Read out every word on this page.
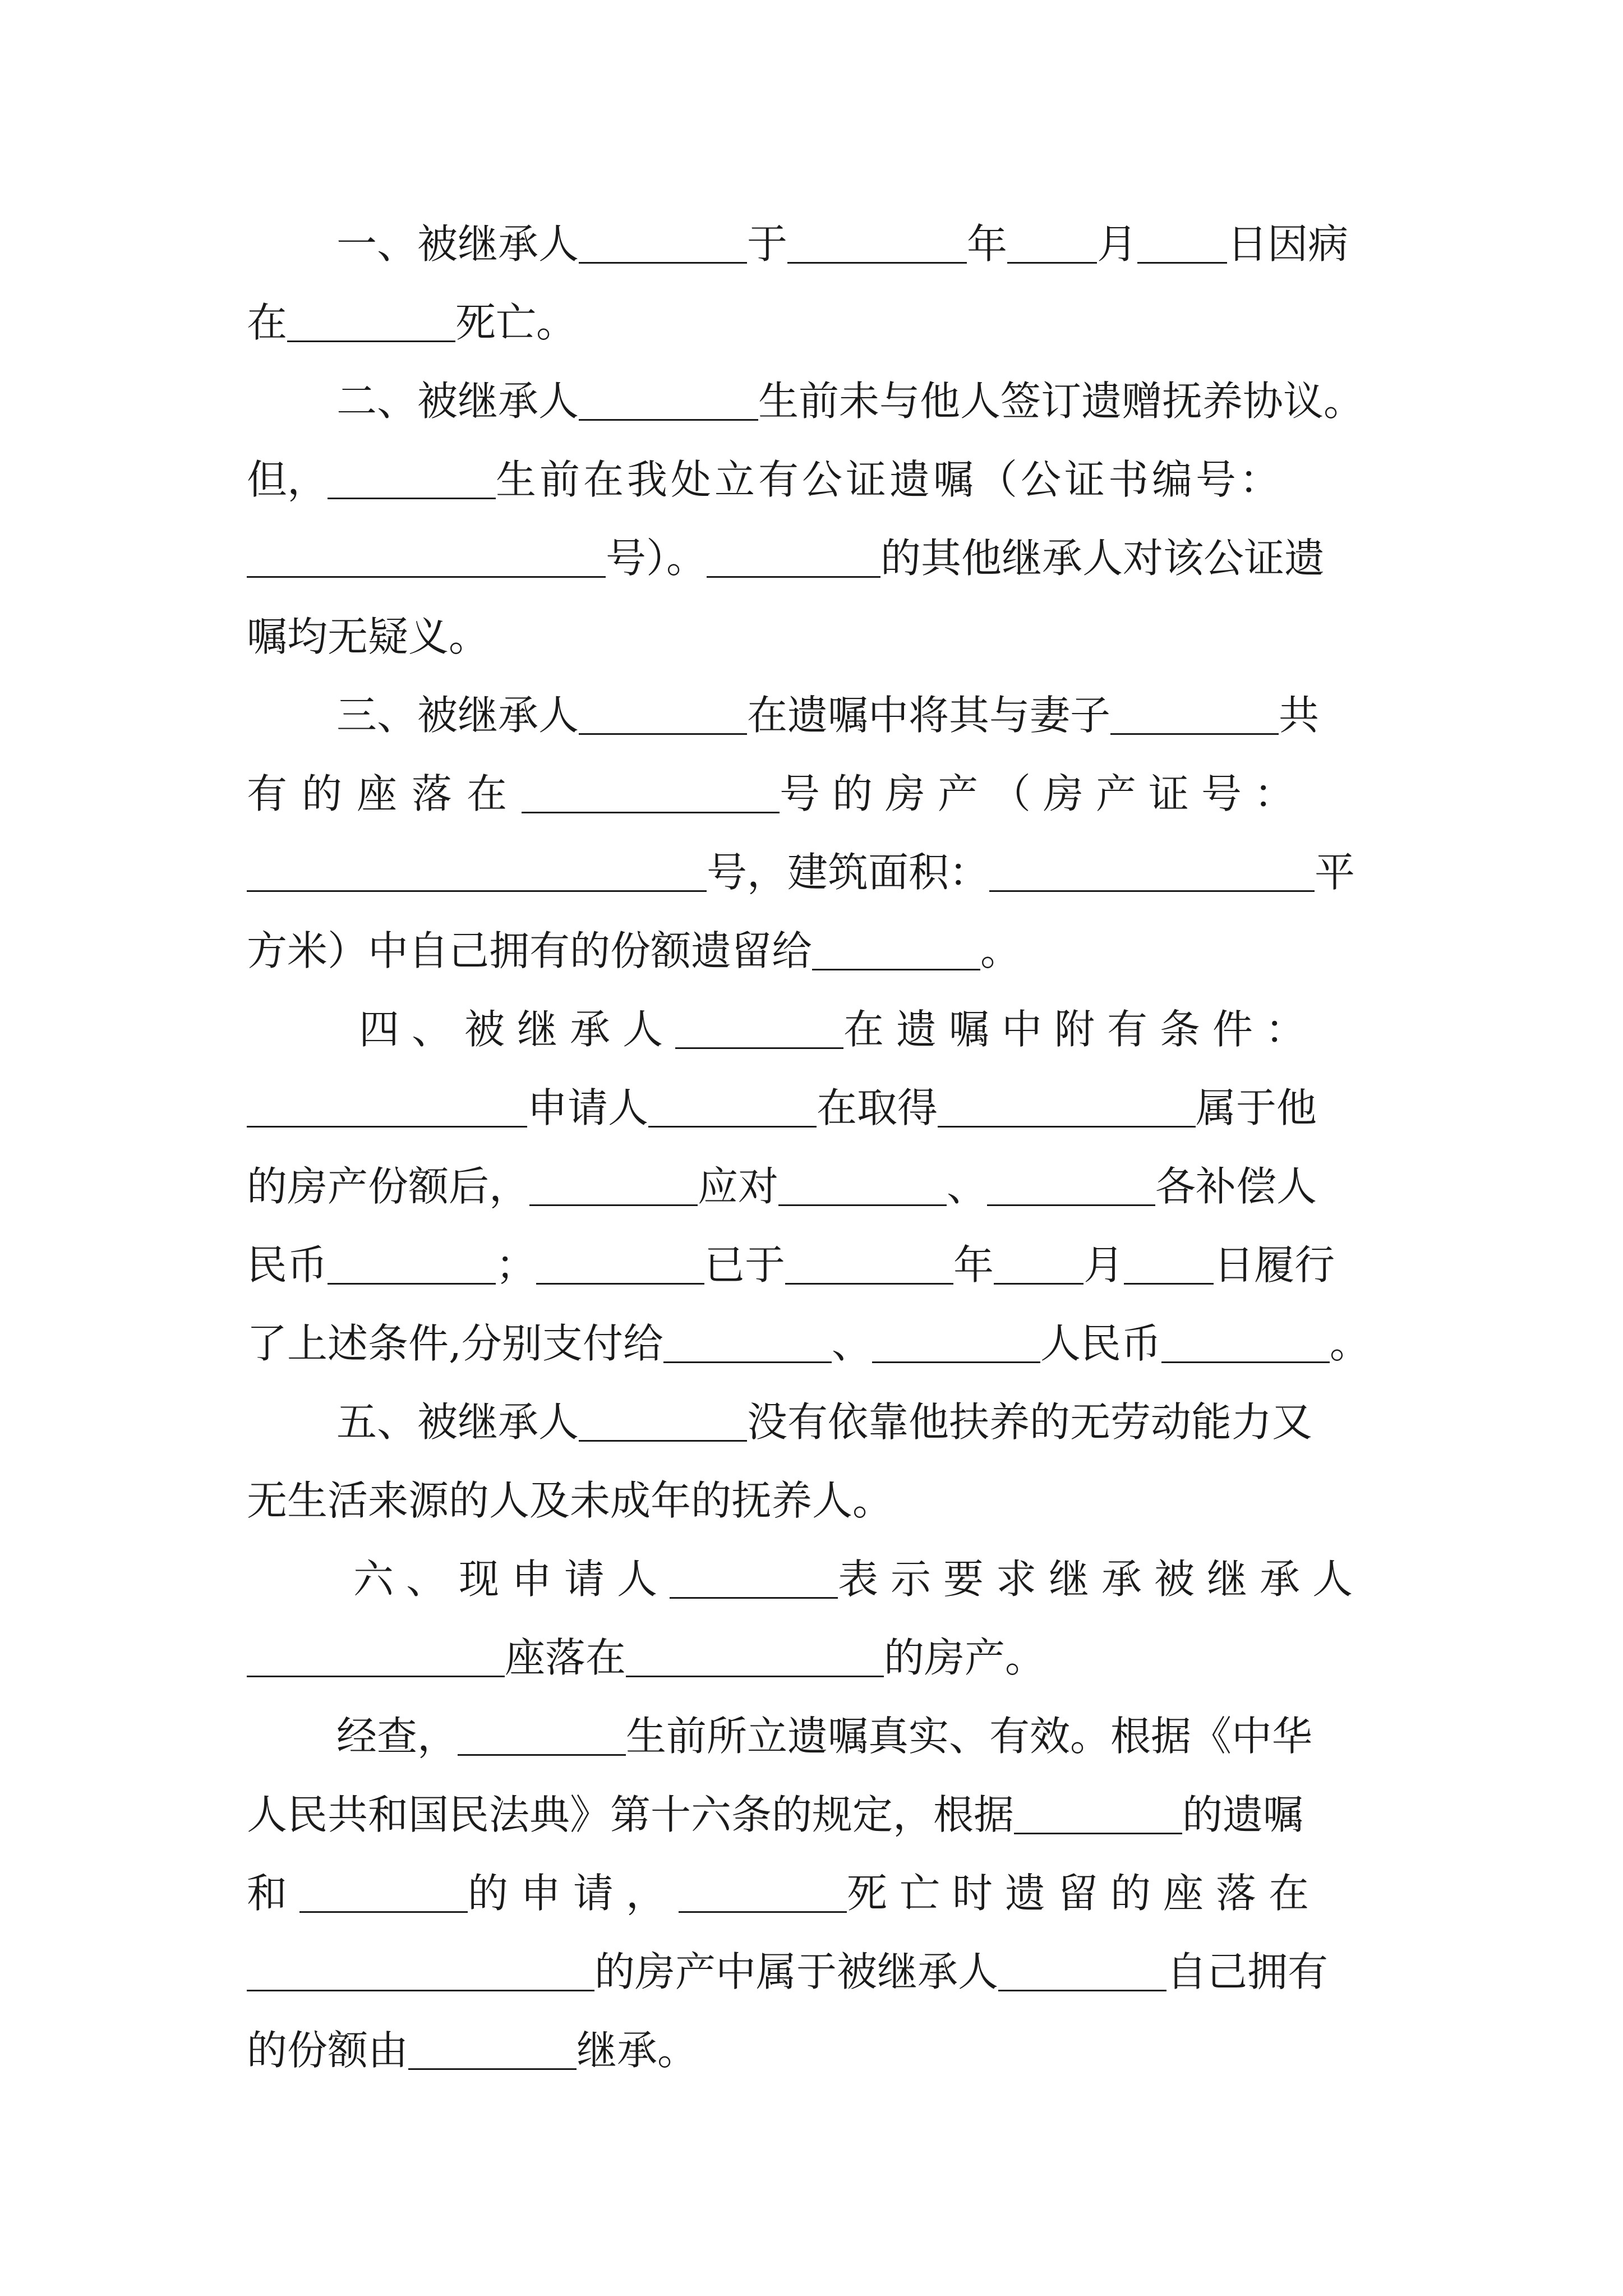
一、被继承人	于	年 月 日因病
在	死亡。
二、被继承人	生前未与他人签订遗赠抚养协议。
但，	生前在我处立有公证遗嘱（公证书编号：
号）。	的其他继承人对该公证遗
嘱均无疑义。
三、被继承人	在遗嘱中将其与妻子	共
有的座落在	号的房产（房产证号：
号，建筑面积：	平
方米）中自己拥有的份额遗留给	。
四、被继承人	在遗嘱中附有条件：
申请人	在取得	属于他
的房产份额后，	应对	、	各补偿人
民币	；	已于	年 月 日履行
了上述条件,分别支付给	、	人民币	。
五、被继承人	没有依靠他扶养的无劳动能力又
无生活来源的人及未成年的抚养人。
六、现申请人	表示要求继承被继承人
座落在	的房产。
经查，	生前所立遗嘱真实、有效。根据《中华
人民共和国民法典》第十六条的规定，根据	的遗嘱
和	的申请，	死亡时遗留的座落在
的房产中属于被继承人	自己拥有
的份额由	继承。
